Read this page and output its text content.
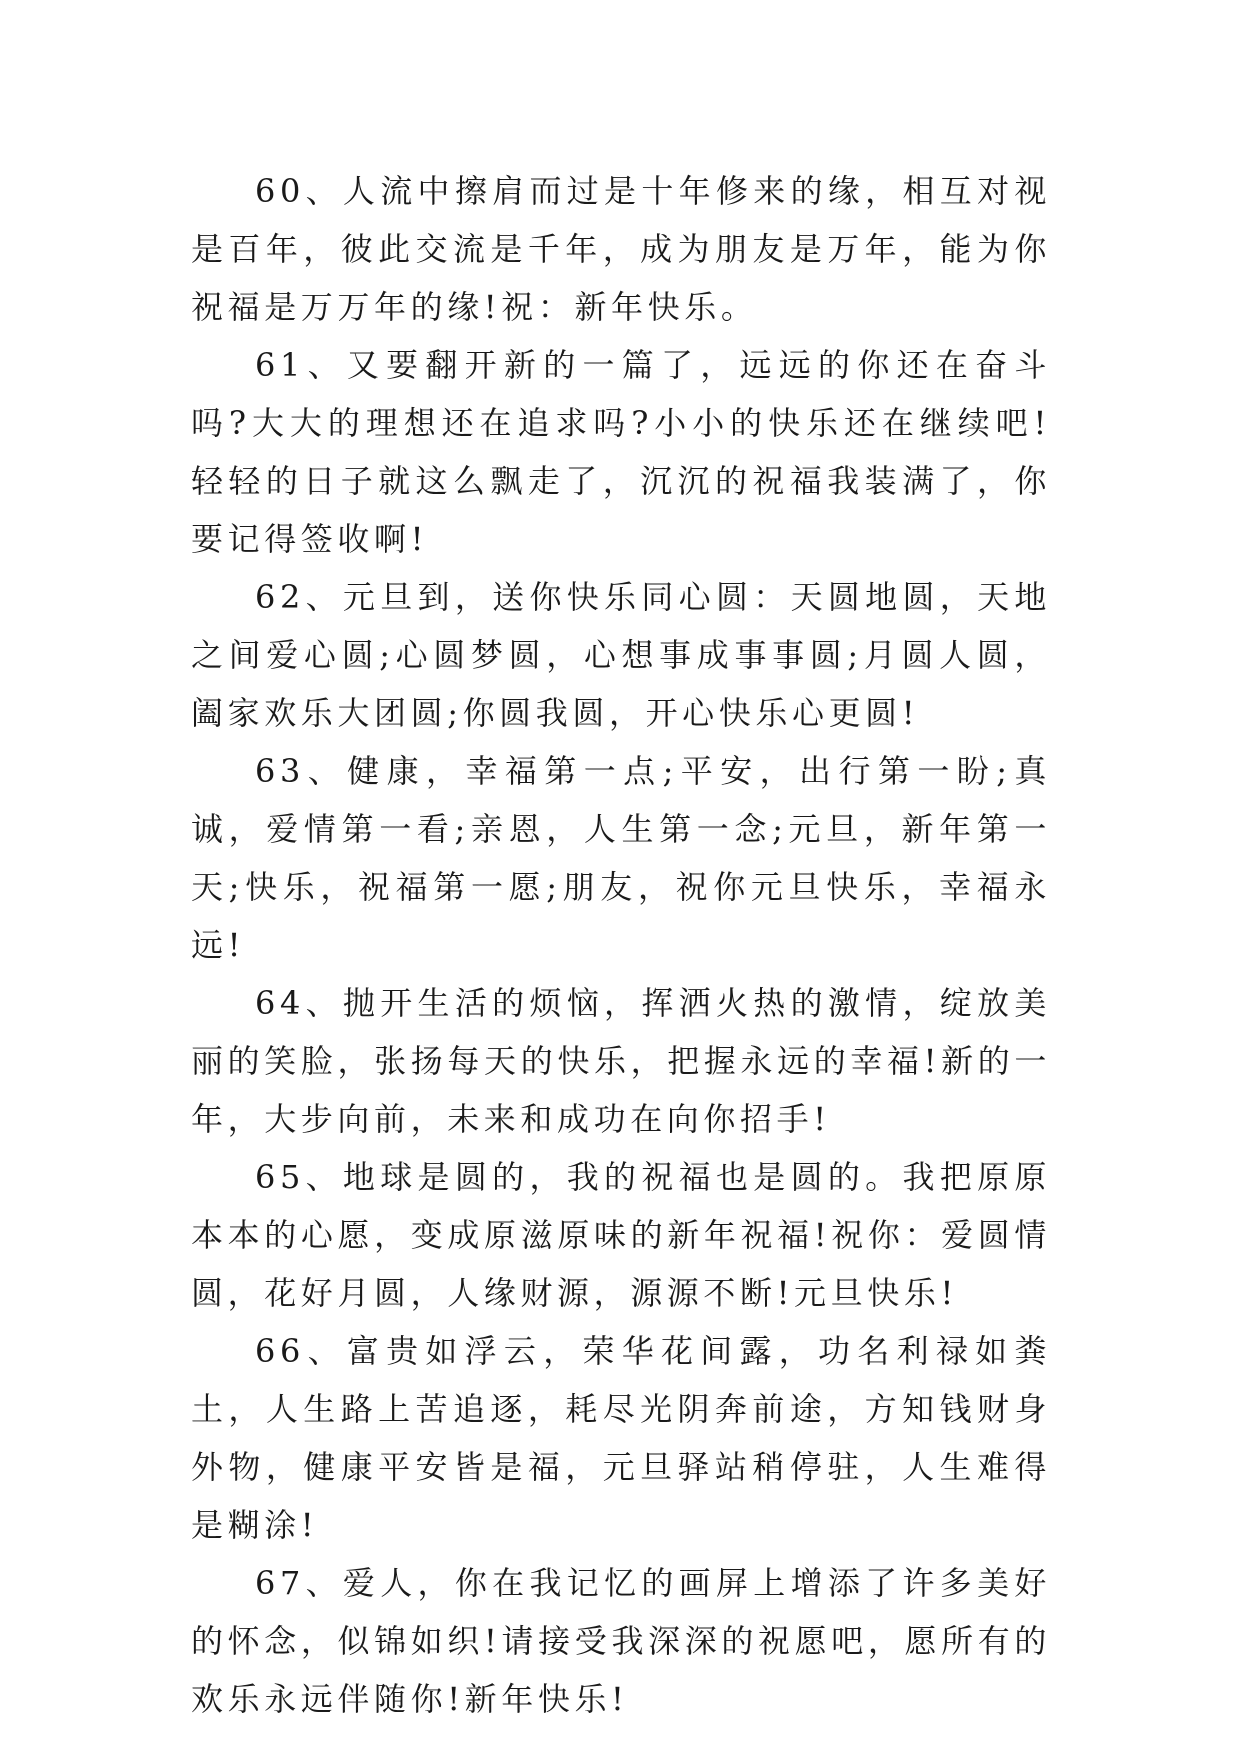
60、人流中擦肩而过是十年修来的缘，相互对视是百年，彼此交流是千年，成为朋友是万年，能为你祝福是万万年的缘!祝：新年快乐。

61、又要翻开新的一篇了，远远的你还在奋斗吗?大大的理想还在追求吗?小小的快乐还在继续吧!轻轻的日子就这么飘走了，沉沉的祝福我装满了，你要记得签收啊!

62、元旦到，送你快乐同心圆：天圆地圆，天地之间爱心圆;心圆梦圆，心想事成事事圆;月圆人圆，阖家欢乐大团圆;你圆我圆，开心快乐心更圆!

63、健康，幸福第一点;平安，出行第一盼;真诚，爱情第一看;亲恩，人生第一念;元旦，新年第一天;快乐，祝福第一愿;朋友，祝你元旦快乐，幸福永远!

64、抛开生活的烦恼，挥洒火热的激情，绽放美丽的笑脸，张扬每天的快乐，把握永远的幸福!新的一年，大步向前，未来和成功在向你招手!

65、地球是圆的，我的祝福也是圆的。我把原原本本的心愿，变成原滋原味的新年祝福!祝你：爱圆情圆，花好月圆，人缘财源，源源不断!元旦快乐!

66、富贵如浮云，荣华花间露，功名利禄如粪土，人生路上苦追逐，耗尽光阴奔前途，方知钱财身外物，健康平安皆是福，元旦驿站稍停驻，人生难得是糊涂!

67、爱人，你在我记忆的画屏上增添了许多美好的怀念，似锦如织!请接受我深深的祝愿吧，愿所有的欢乐永远伴随你!新年快乐!
